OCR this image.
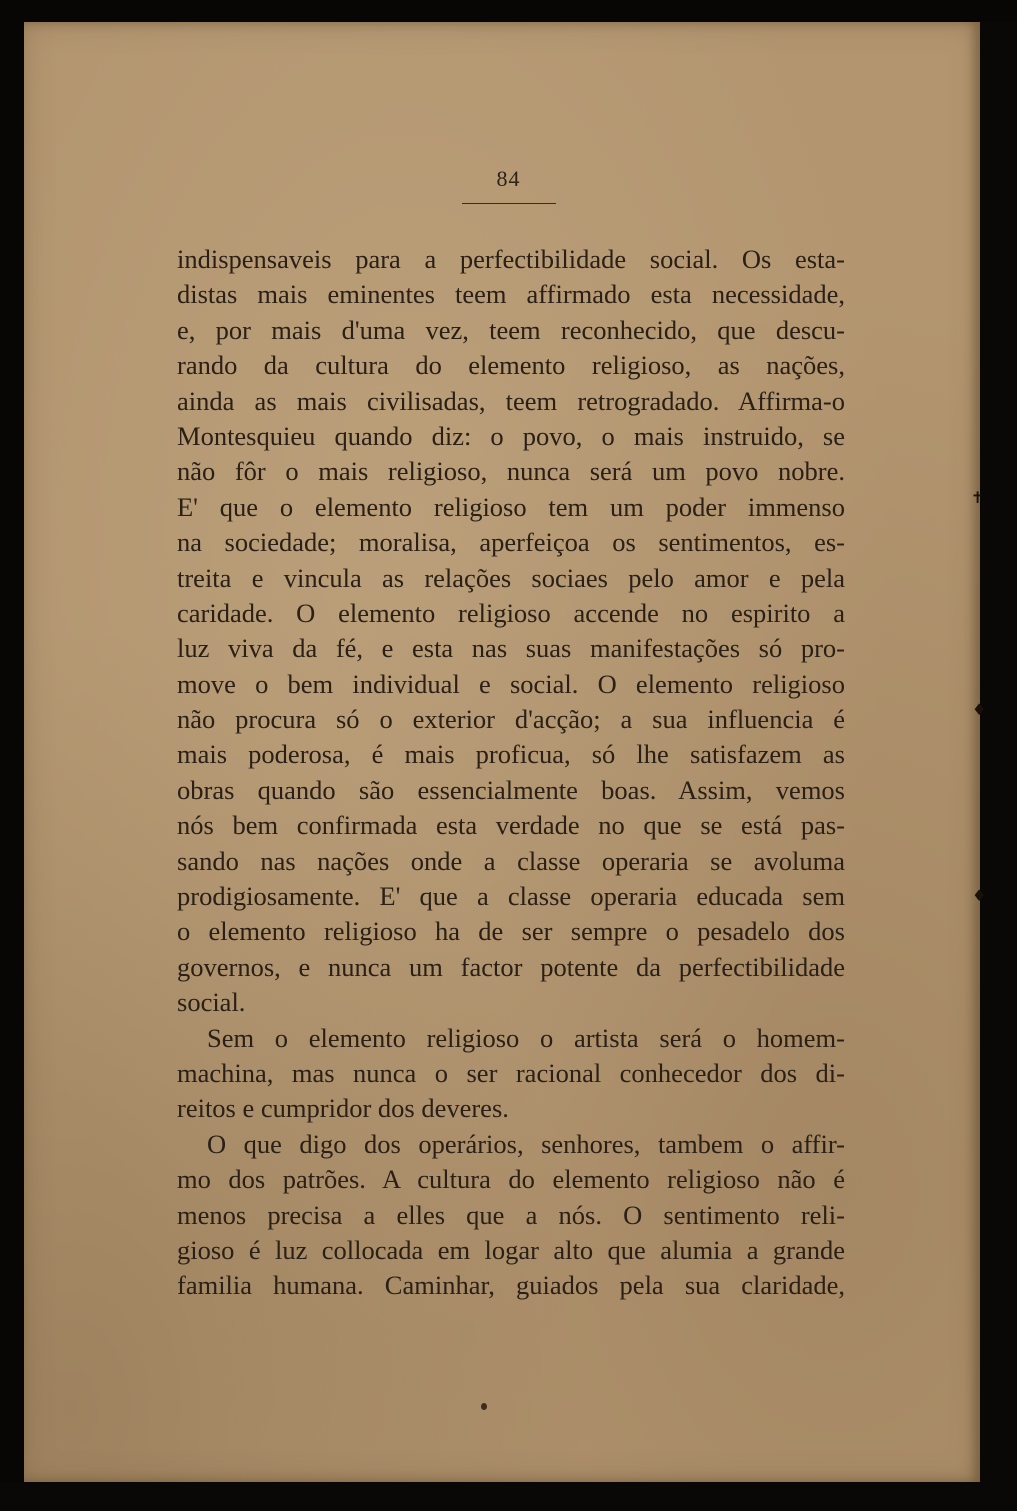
✝
♦
♦
84
indispensaveis para a perfectibilidade social. Os esta-
distas mais eminentes teem affirmado esta necessidade,
e, por mais d'uma vez, teem reconhecido, que descu-
rando da cultura do elemento religioso, as nações,
ainda as mais civilisadas, teem retrogradado. Affirma-o
Montesquieu quando diz: o povo, o mais instruido, se
não fôr o mais religioso, nunca será um povo nobre.
E' que o elemento religioso tem um poder immenso
na sociedade; moralisa, aperfeiçoa os sentimentos, es-
treita e vincula as relações sociaes pelo amor e pela
caridade. O elemento religioso accende no espirito a
luz viva da fé, e esta nas suas manifestações só pro-
move o bem individual e social. O elemento religioso
não procura só o exterior d'acção; a sua influencia é
mais poderosa, é mais proficua, só lhe satisfazem as
obras quando são essencialmente boas. Assim, vemos
nós bem confirmada esta verdade no que se está pas-
sando nas nações onde a classe operaria se avoluma
prodigiosamente. E' que a classe operaria educada sem
o elemento religioso ha de ser sempre o pesadelo dos
governos, e nunca um factor potente da perfectibilidade
social.
Sem o elemento religioso o artista será o homem-
machina, mas nunca o ser racional conhecedor dos di-
reitos e cumpridor dos deveres.
O que digo dos operários, senhores, tambem o affir-
mo dos patrões. A cultura do elemento religioso não é
menos precisa a elles que a nós. O sentimento reli-
gioso é luz collocada em logar alto que alumia a grande
familia humana. Caminhar, guiados pela sua claridade,
